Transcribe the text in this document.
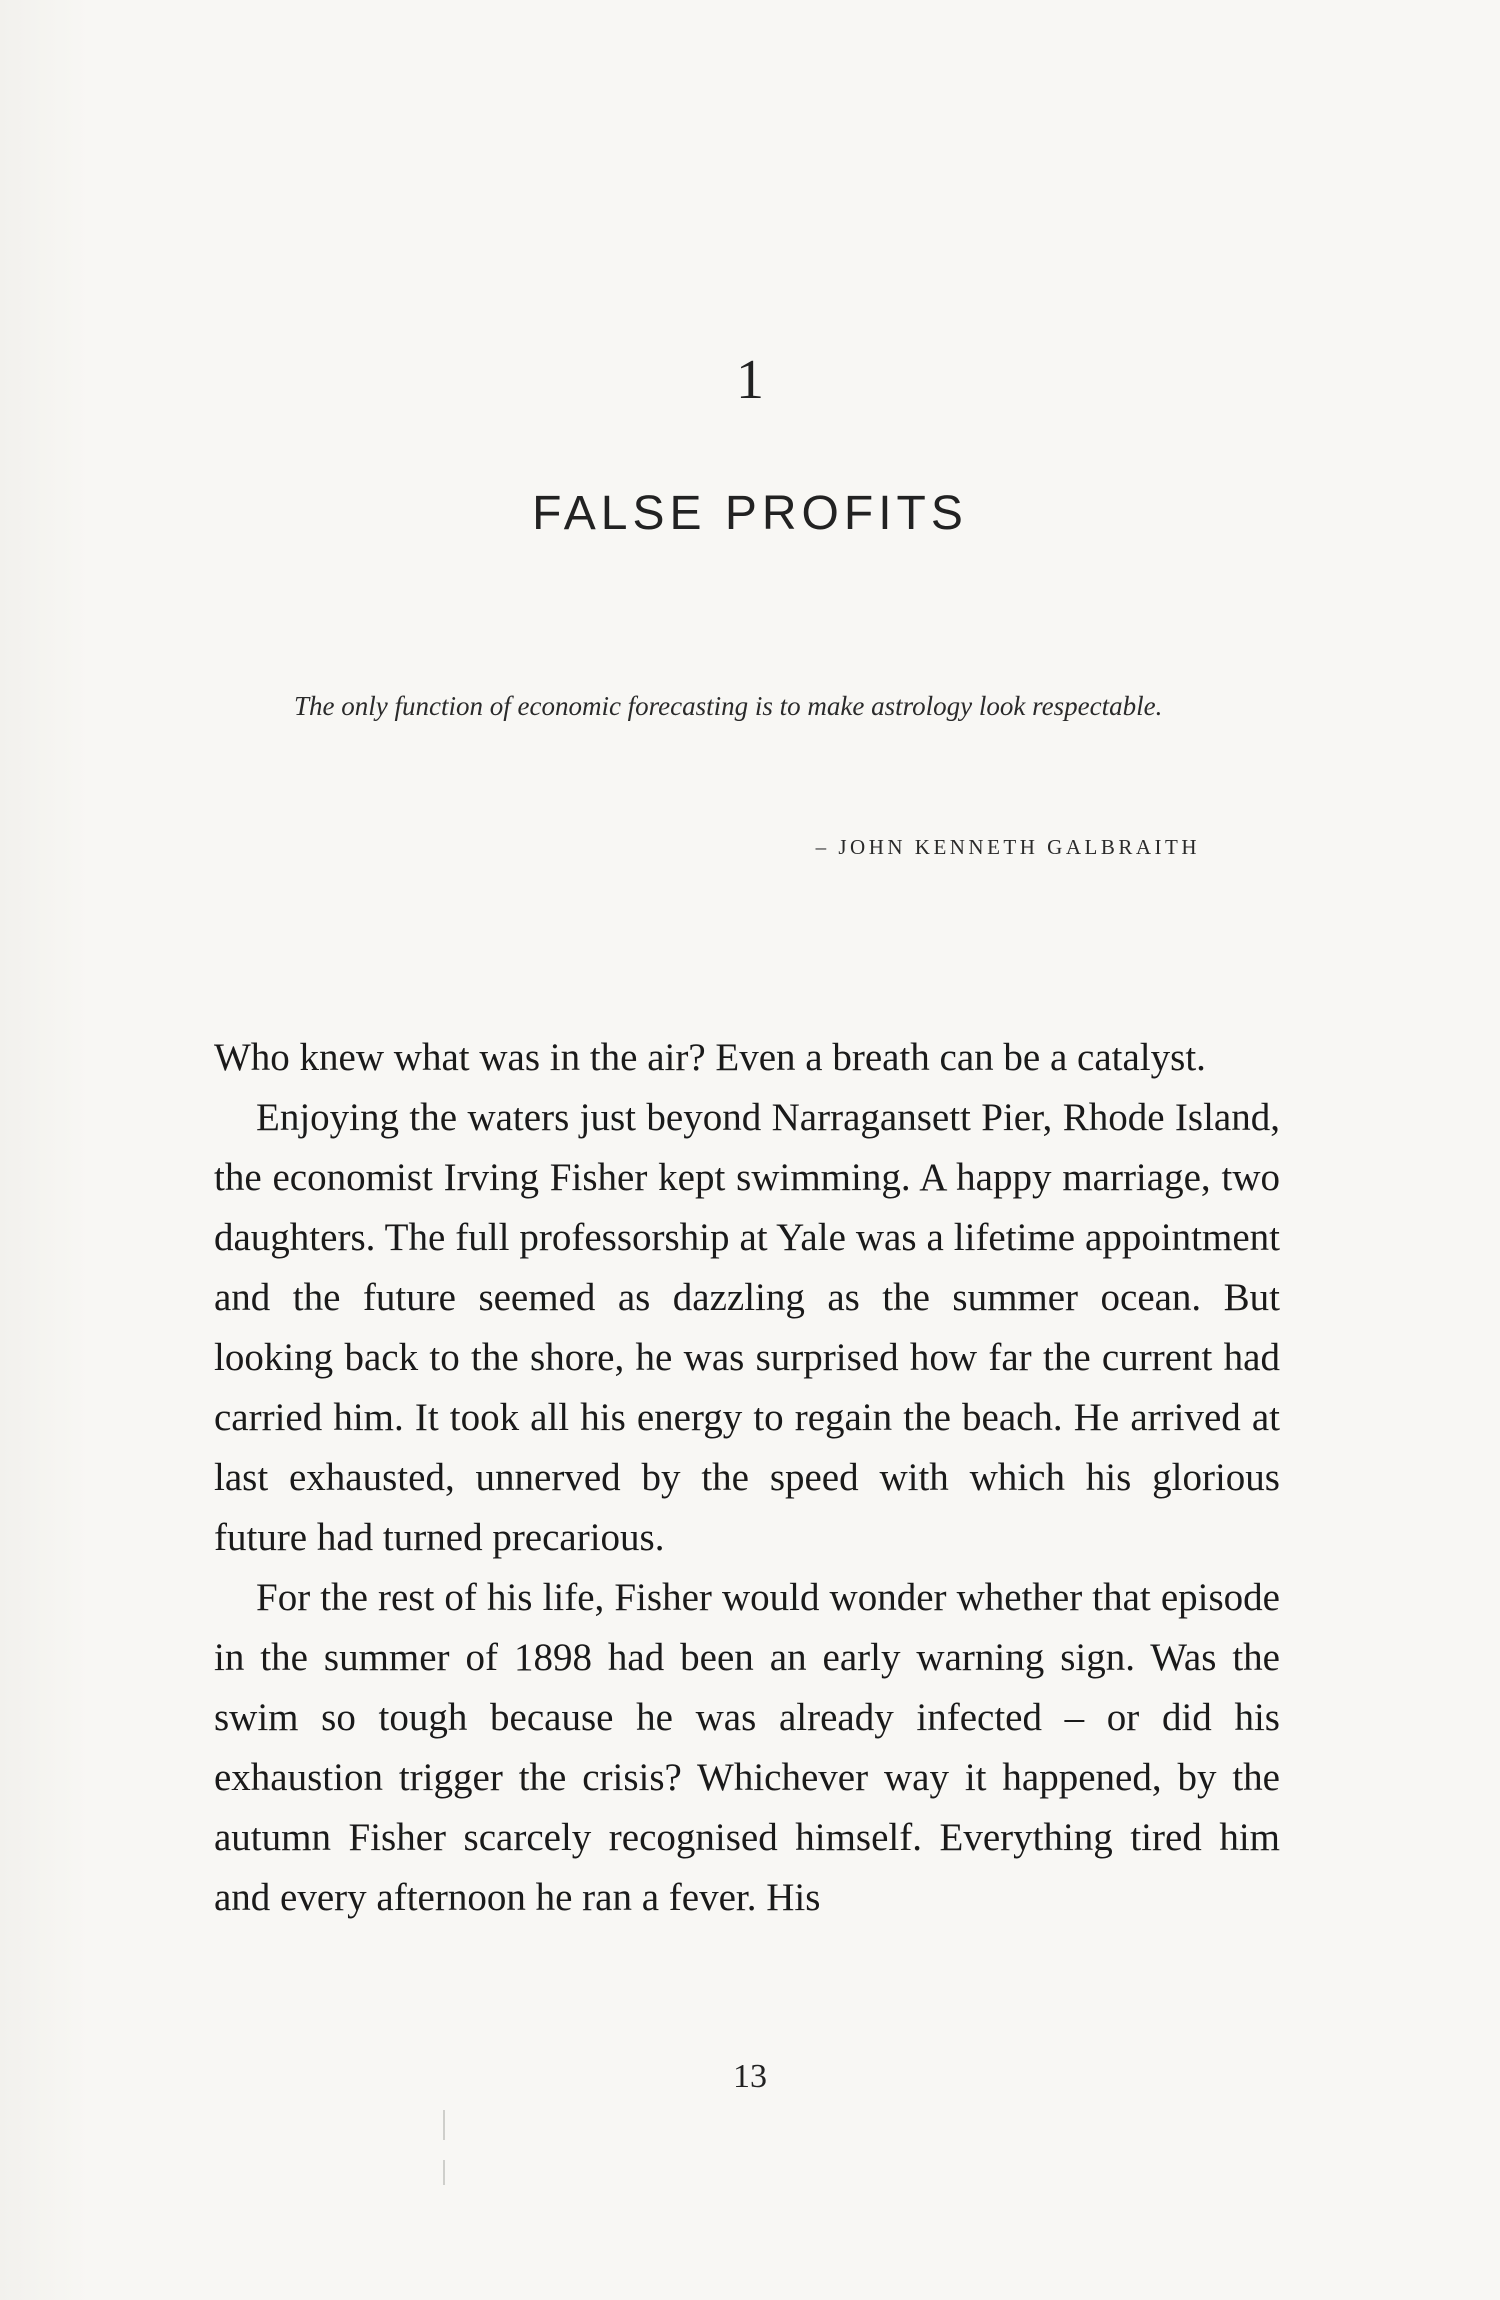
1
FALSE PROFITS
The only function of economic forecasting is to make astrology look respectable.
– JOHN KENNETH GALBRAITH

Who knew what was in the air? Even a breath can be a catalyst.

Enjoying the waters just beyond Narragansett Pier, Rhode Island, the economist Irving Fisher kept swimming. A happy marriage, two daughters. The full professorship at Yale was a lifetime appointment and the future seemed as dazzling as the summer ocean. But looking back to the shore, he was surprised how far the current had carried him. It took all his energy to regain the beach. He arrived at last exhausted, unnerved by the speed with which his glorious future had turned precarious.

For the rest of his life, Fisher would wonder whether that episode in the summer of 1898 had been an early warning sign. Was the swim so tough because he was already infected – or did his exhaustion trigger the crisis? Whichever way it happened, by the autumn Fisher scarcely recognised himself. Everything tired him and every afternoon he ran a fever. His

13
